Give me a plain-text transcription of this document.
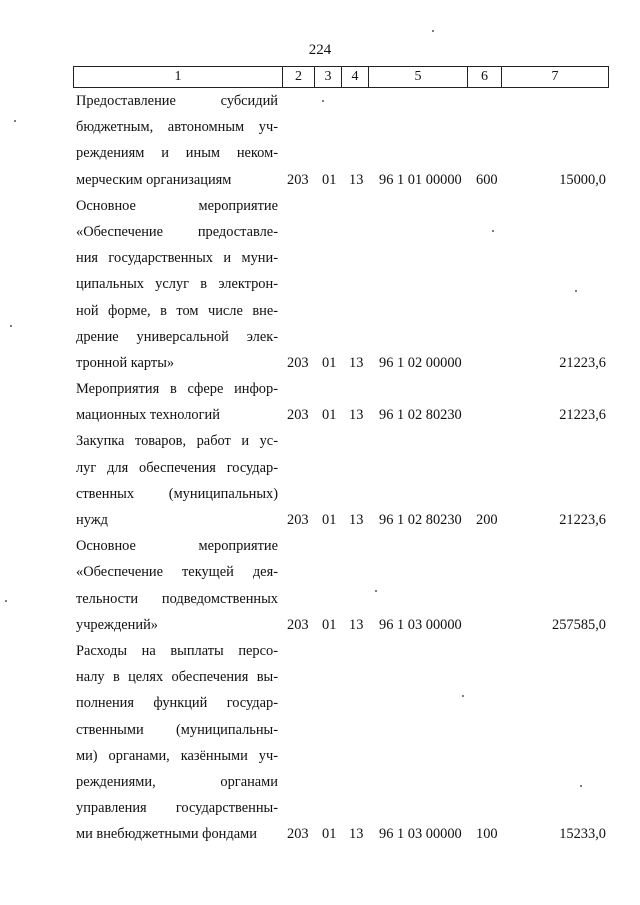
224
1	2	3	4	5	6	7
Предоставление субсидий
бюджетным, автономным уч-
реждениям и иным неком-
мерческим организациям	203 01 13 96 1 01 00000 600	15000,0
Основное мероприятие
«Обеспечение предоставле-
ния государственных и муни-
ципальных услуг в электрон-
ной форме, в том числе вне-
дрение универсальной элек-
тронной карты»	203 01 13 96 1 02 00000	21223,6
Мероприятия в сфере инфор-
мационных технологий	203 01 13 96 1 02 80230	21223,6
Закупка товаров, работ и ус-
луг для обеспечения государ-
ственных (муниципальных)
нужд	203 01 13 96 1 02 80230 200	21223,6
Основное мероприятие
«Обеспечение текущей дея-
тельности подведомственных
учреждений»	203 01 13 96 1 03 00000	257585,0
Расходы на выплаты персо-
налу в целях обеспечения вы-
полнения функций государ-
ственными (муниципальны-
ми) органами, казёнными уч-
реждениями, органами
управления государственны-
ми внебюджетными фондами	203 01 13 96 1 03 00000 100	15233,0
